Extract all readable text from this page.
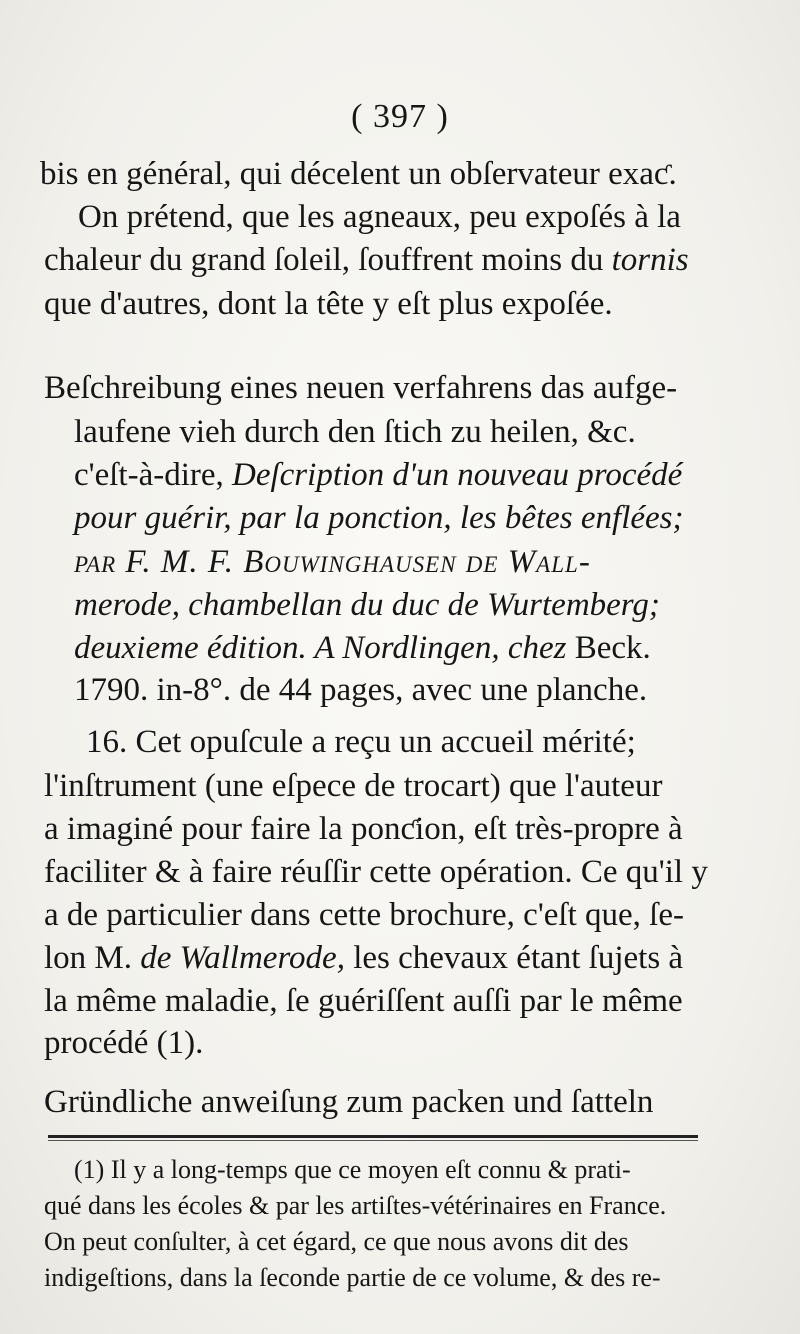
( 397 )
bis en général, qui décelent un obſervateur exaƈ.
On prétend, que les agneaux, peu expoſés à la
chaleur du grand ſoleil, ſouffrent moins du tornis
que d'autres, dont la tête y eſt plus expoſée.
Beſchreibung eines neuen verfahrens das aufge-
laufene vieh durch den ſtich zu heilen, &c.
c'eſt-à-dire, Deſcription d'un nouveau procédé
pour guérir, par la ponction, les bêtes enflées;
par F. M. F. Bouwinghausen de Wall-
merode, chambellan du duc de Wurtemberg;
deuxieme édition. A Nordlingen, chez Beck.
1790. in-8°. de 44 pages, avec une planche.
16. Cet opuſcule a reçu un accueil mérité;
l'inſtrument (une eſpece de trocart) que l'auteur
a imaginé pour faire la ponƈion, eſt très-propre à
faciliter & à faire réuſſir cette opération. Ce qu'il y
a de particulier dans cette brochure, c'eſt que, ſe-
lon M. de Wallmerode, les chevaux étant ſujets à
la même maladie, ſe guériſſent auſſi par le même
procédé (1).
Gründliche anweiſung zum packen und ſatteln
(1) Il y a long-temps que ce moyen eſt connu & prati-
qué dans les écoles & par les artiſtes-vétérinaires en France.
On peut conſulter, à cet égard, ce que nous avons dit des
indigeſtions, dans la ſeconde partie de ce volume, & des re-
